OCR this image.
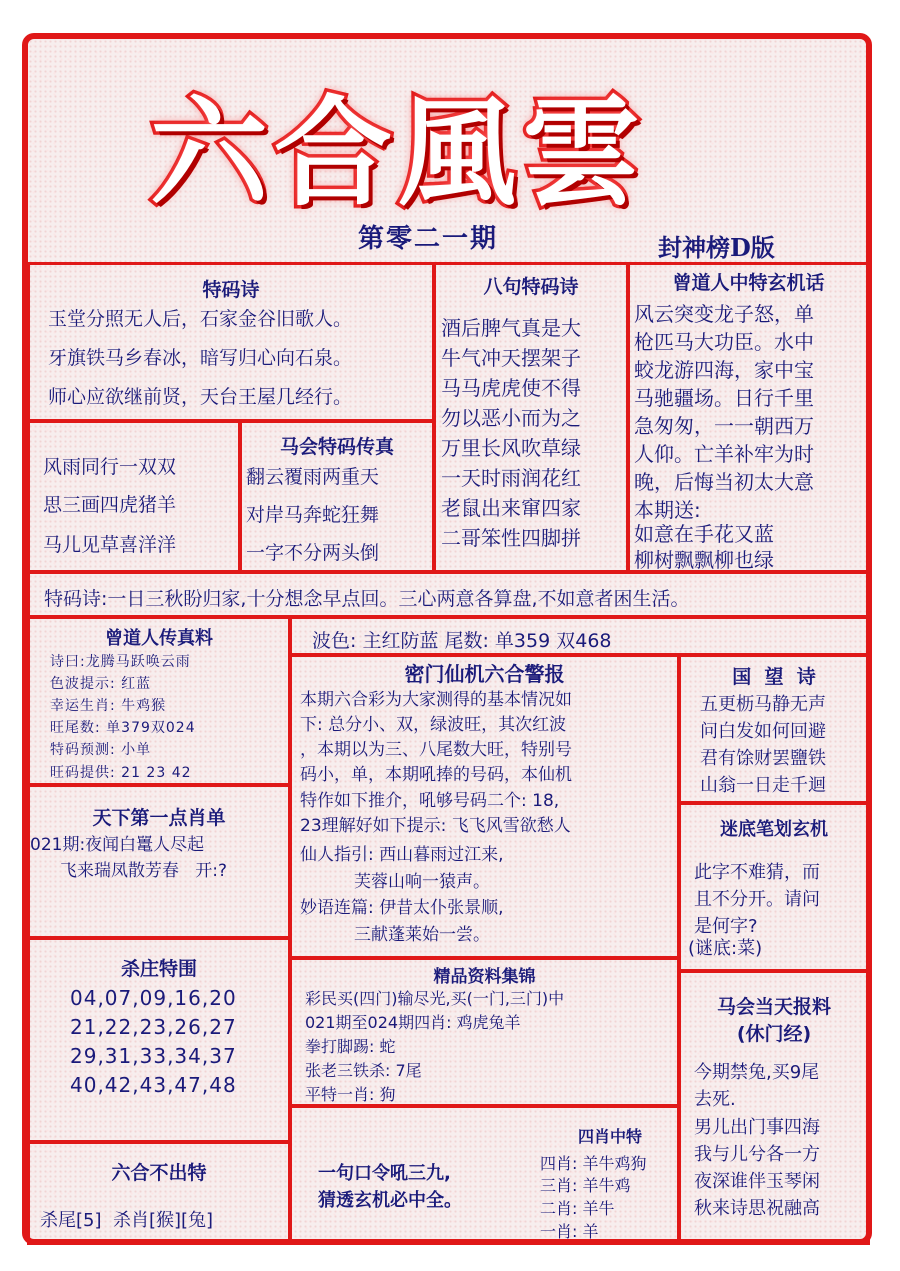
六合風雲
第零二一期	封神榜D版
特码诗
玉堂分照无人后，石家金谷旧歌人。
牙旗铁马乡春冰，暗写归心向石泉。
师心应欲继前贤，天台王屋几经行。
八句特码诗
酒后脾气真是大
牛气冲天摆架子
马马虎虎使不得
勿以恶小而为之
万里长风吹草绿
一天时雨润花红
老鼠出来窜四家
二哥笨性四脚拼
曾道人中特玄机话
风云突变龙子怒，单
枪匹马大功臣。水中
蛟龙游四海，家中宝
马驰疆场。日行千里
急匆匆，一一朝西万
人仰。亡羊补牢为时
晚，后悔当初太大意
本期送:
如意在手花又蓝
柳树飘飘柳也绿
风雨同行一双双
思三画四虎猪羊
马儿见草喜洋洋
马会特码传真
翻云覆雨两重天
对岸马奔蛇狂舞
一字不分两头倒
特码诗:一日三秋盼归家,十分想念早点回。三心两意各算盘,不如意者困生活。
曾道人传真料
诗曰:龙腾马跃唤云雨
色波提示: 红蓝
幸运生肖: 牛鸡猴
旺尾数: 单379双024
特码预测: 小单
旺码提供: 21 23 42
波色: 主红防蓝 尾数: 单359 双468
密门仙机六合警报
本期六合彩为大家测得的基本情况如
下: 总分小、双，绿波旺，其次红波
，本期以为三、八尾数大旺，特别号
码小，单，本期吼捧的号码，本仙机
特作如下推介，吼够号码二个: 18,
23理解好如下提示: 飞飞风雪欲愁人
仙人指引: 西山暮雨过江来,
芙蓉山响一猿声。
妙语连篇: 伊昔太仆张景顺,
三献蓬莱始一尝。
国  望  诗
五更枥马静无声
问白发如何回避
君有馀财罢鹽铁
山翁一日走千迴
天下第一点肖单
021期:夜闻白鼍人尽起
飞来瑞凤散芳春   开:?
迷底笔划玄机
此字不难猜，而
且不分开。请问
是何字?
(谜底:菜)
杀庄特围
04,07,09,16,20
21,22,23,26,27
29,31,33,34,37
40,42,43,47,48
精品资料集锦
彩民买(四门)输尽光,买(一门,三门)中
021期至024期四肖: 鸡虎兔羊
拳打脚踢: 蛇
张老三铁杀: 7尾
平特一肖: 狗
马会当天报料
(休门经)
今期禁兔,买9尾
去死.
男儿出门事四海
我与儿兮各一方
夜深谁伴玉琴闲
秋来诗思祝融高
六合不出特
杀尾[5]  杀肖[猴][兔]
一句口令吼三九,
猜透玄机必中全。
四肖中特
四肖: 羊牛鸡狗
三肖: 羊牛鸡
二肖: 羊牛
一肖: 羊
